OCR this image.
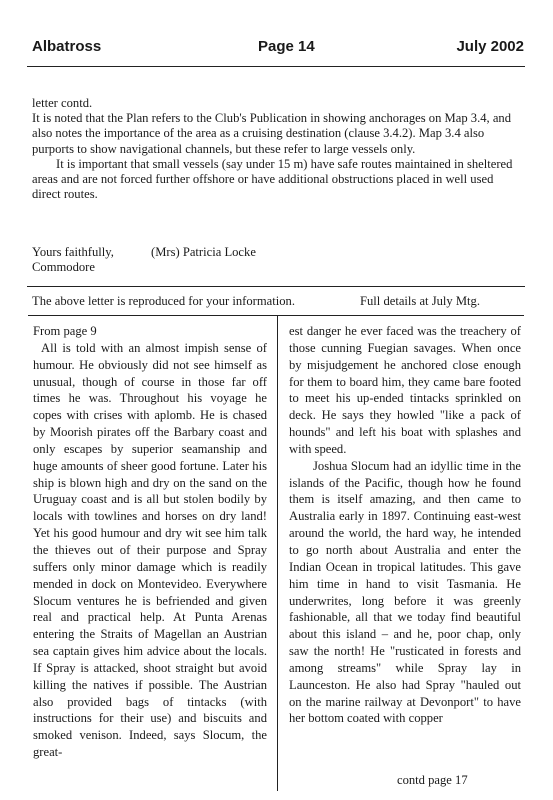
Albatross	Page 14	July 2002

letter contd.

It is noted that the Plan refers to the Club's Publication in showing anchorages on Map 3.4, and also notes the importance of the area as a cruising destination (clause 3.4.2). Map 3.4 also purports to show navigational channels, but these refer to large vessels only.

It is important that small vessels (say under 15 m) have safe routes maintained in sheltered areas and are not forced further offshore or have additional obstructions placed in well used direct routes.

Yours faithfully,
Commodore
(Mrs) Patricia Locke
The above letter is reproduced for your information.	Full details at July Mtg.

From page 9

All is told with an almost impish sense of humour. He obviously did not see himself as unusual, though of course in those far off times he was. Throughout his voyage he copes with crises with aplomb. He is chased by Moorish pirates off the Barbary coast and only escapes by superior seamanship and huge amounts of sheer good fortune. Later his ship is blown high and dry on the sand on the Uruguay coast and is all but stolen bodily by locals with towlines and horses on dry land! Yet his good humour and dry wit see him talk the thieves out of their purpose and Spray suffers only minor damage which is readily mended in dock on Montevideo. Everywhere Slocum ventures he is befriended and given real and practical help. At Punta Arenas entering the Straits of Magellan an Austrian sea captain gives him advice about the locals. If Spray is attacked, shoot straight but avoid killing the natives if possible. The Austrian also provided bags of tintacks (with instructions for their use) and biscuits and smoked venison. Indeed, says Slocum, the great-

est danger he ever faced was the treachery of those cunning Fuegian savages. When once by misjudgement he anchored close enough for them to board him, they came bare footed to meet his up-ended tintacks sprinkled on deck. He says they howled "like a pack of hounds" and left his boat with splashes and with speed.

Joshua Slocum had an idyllic time in the islands of the Pacific, though how he found them is itself amazing, and then came to Australia early in 1897. Continuing east-west around the world, the hard way, he intended to go north about Australia and enter the Indian Ocean in tropical latitudes. This gave him time in hand to visit Tasmania. He underwrites, long before it was greenly fashionable, all that we today find beautiful about this island – and he, poor chap, only saw the north! He "rusticated in forests and among streams" while Spray lay in Launceston. He also had Spray "hauled out on the marine railway at Devonport" to have her bottom coated with copper

contd page 17
